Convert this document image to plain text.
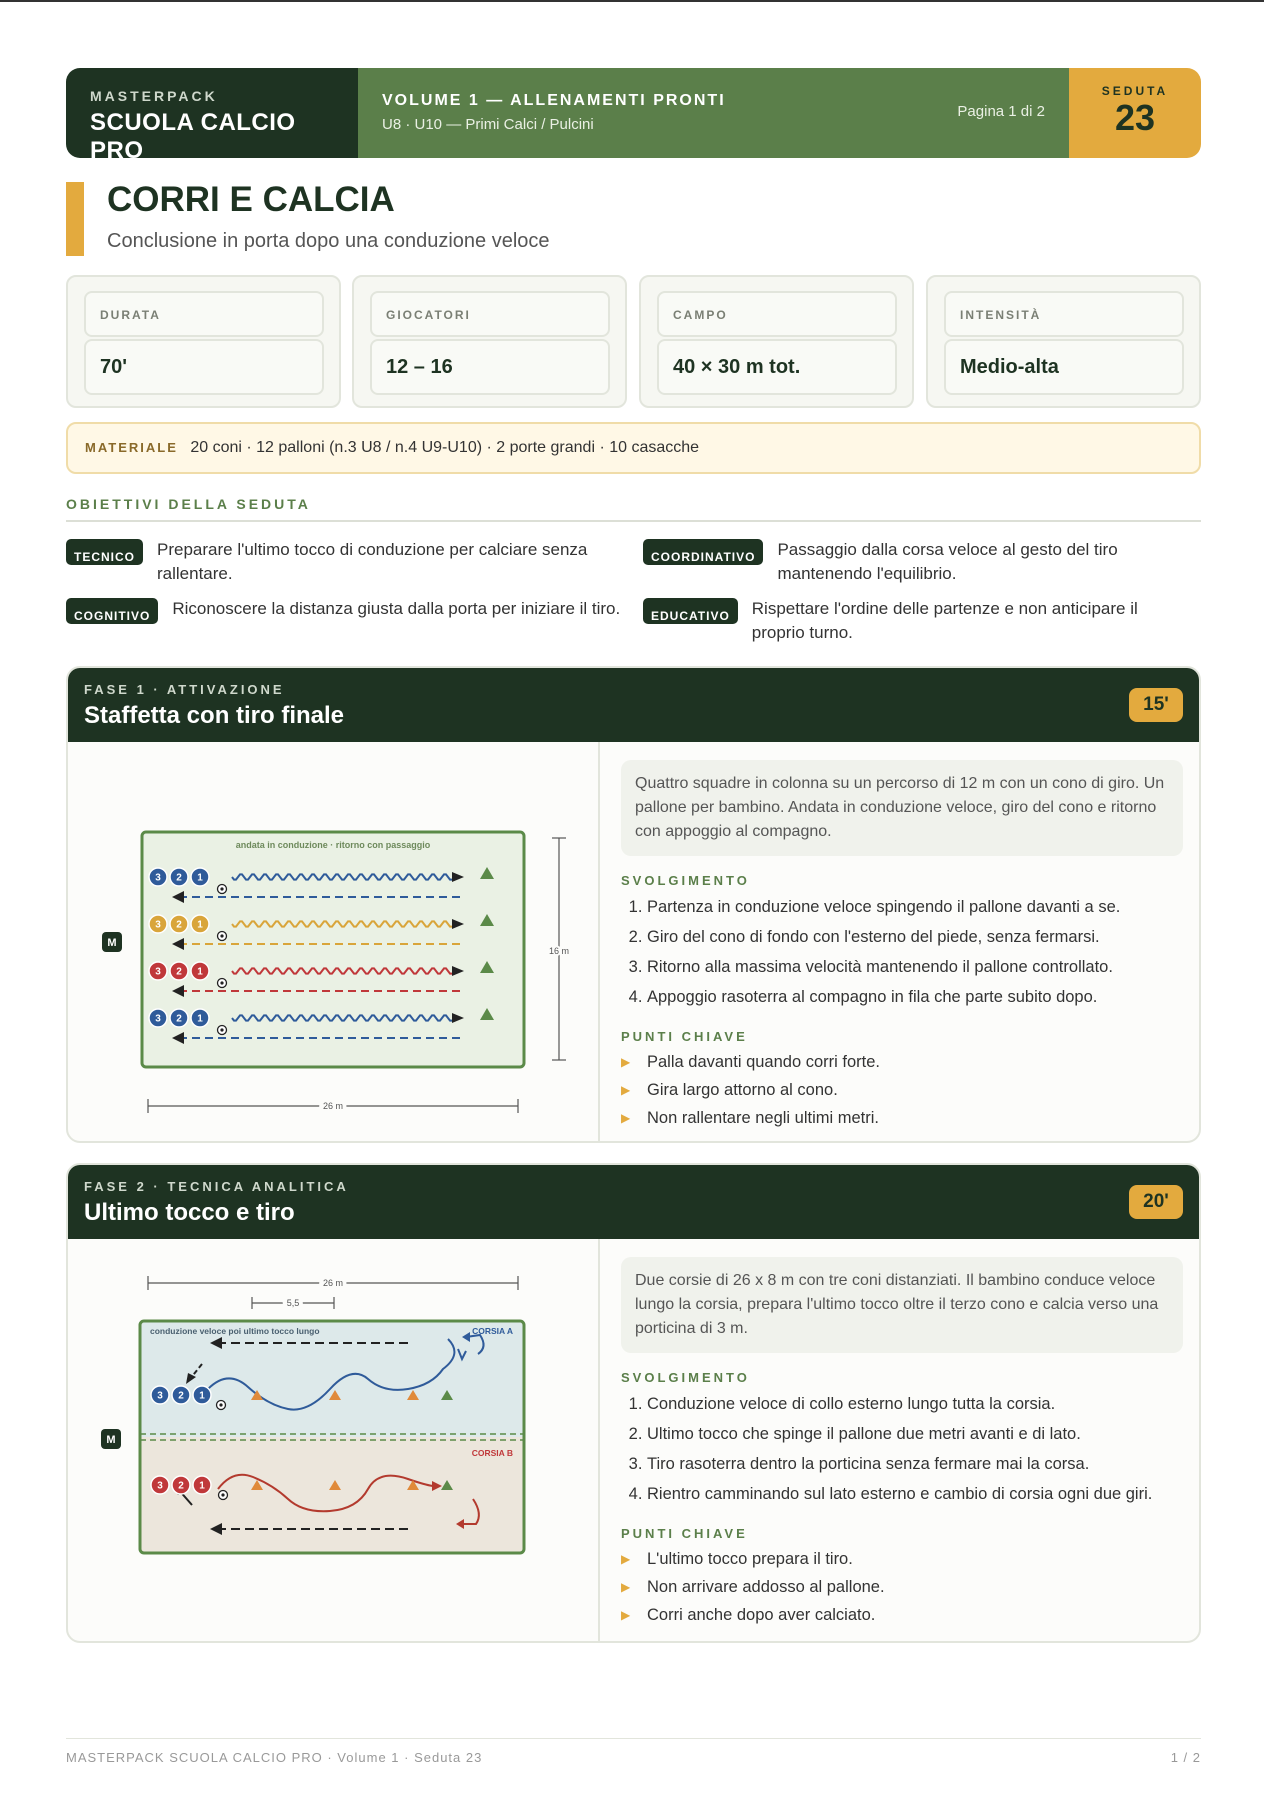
MASTERPACK
SCUOLA CALCIO PRO
VOLUME 1 — ALLENAMENTI PRONTI
U8 · U10 — Primi Calci / Pulcini
Pagina 1 di 2
SEDUTA
23
CORRI E CALCIA
Conclusione in porta dopo una conduzione veloce
DURATA
70'
GIOCATORI
12 – 16
CAMPO
40 × 30 m tot.
INTENSITÀ
Medio-alta
MATERIALE 20 coni · 12 palloni (n.3 U8 / n.4 U9-U10) · 2 porte grandi · 10 casacche
OBIETTIVI DELLA SEDUTA
TECNICO	Preparare l'ultimo tocco di conduzione per calciare senza rallentare.
COORDINATIVO	Passaggio dalla corsa veloce al gesto del tiro mantenendo l'equilibrio.
COGNITIVO	Riconoscere la distanza giusta dalla porta per iniziare il tiro.	EDUCATIVO	Rispettare l'ordine delle partenze e non anticipare il proprio turno.
FASE 1 · ATTIVAZIONE
Staffetta con tiro finale	15'
andata in conduzione · ritorno con passaggio
3 2 1
3 2 1
3 2 1
3 2 1
M
16 m
26 m
Quattro squadre in colonna su un percorso di 12 m con un cono di giro. Un pallone per bambino. Andata in conduzione veloce, giro del cono e ritorno con appoggio al compagno.
SVOLGIMENTO
1. Partenza in conduzione veloce spingendo il pallone davanti a se.
2. Giro del cono di fondo con l'esterno del piede, senza fermarsi.
3. Ritorno alla massima velocità mantenendo il pallone controllato.
4. Appoggio rasoterra al compagno in fila che parte subito dopo.
PUNTI CHIAVE
▶ Palla davanti quando corri forte.
▶ Gira largo attorno al cono.
▶ Non rallentare negli ultimi metri.
FASE 2 · TECNICA ANALITICA
Ultimo tocco e tiro	20'
26 m
5,5
conduzione veloce poi ultimo tocco lungo	CORSIA A
CORSIA B
3 2 1
3 2 1
M
Due corsie di 26 x 8 m con tre coni distanziati. Il bambino conduce veloce lungo la corsia, prepara l'ultimo tocco oltre il terzo cono e calcia verso una porticina di 3 m.
SVOLGIMENTO
1. Conduzione veloce di collo esterno lungo tutta la corsia.
2. Ultimo tocco che spinge il pallone due metri avanti e di lato.
3. Tiro rasoterra dentro la porticina senza fermare mai la corsa.
4. Rientro camminando sul lato esterno e cambio di corsia ogni due giri.
PUNTI CHIAVE
▶ L'ultimo tocco prepara il tiro.
▶ Non arrivare addosso al pallone.
▶ Corri anche dopo aver calciato.
MASTERPACK SCUOLA CALCIO PRO · Volume 1 · Seduta 23	1 / 2
